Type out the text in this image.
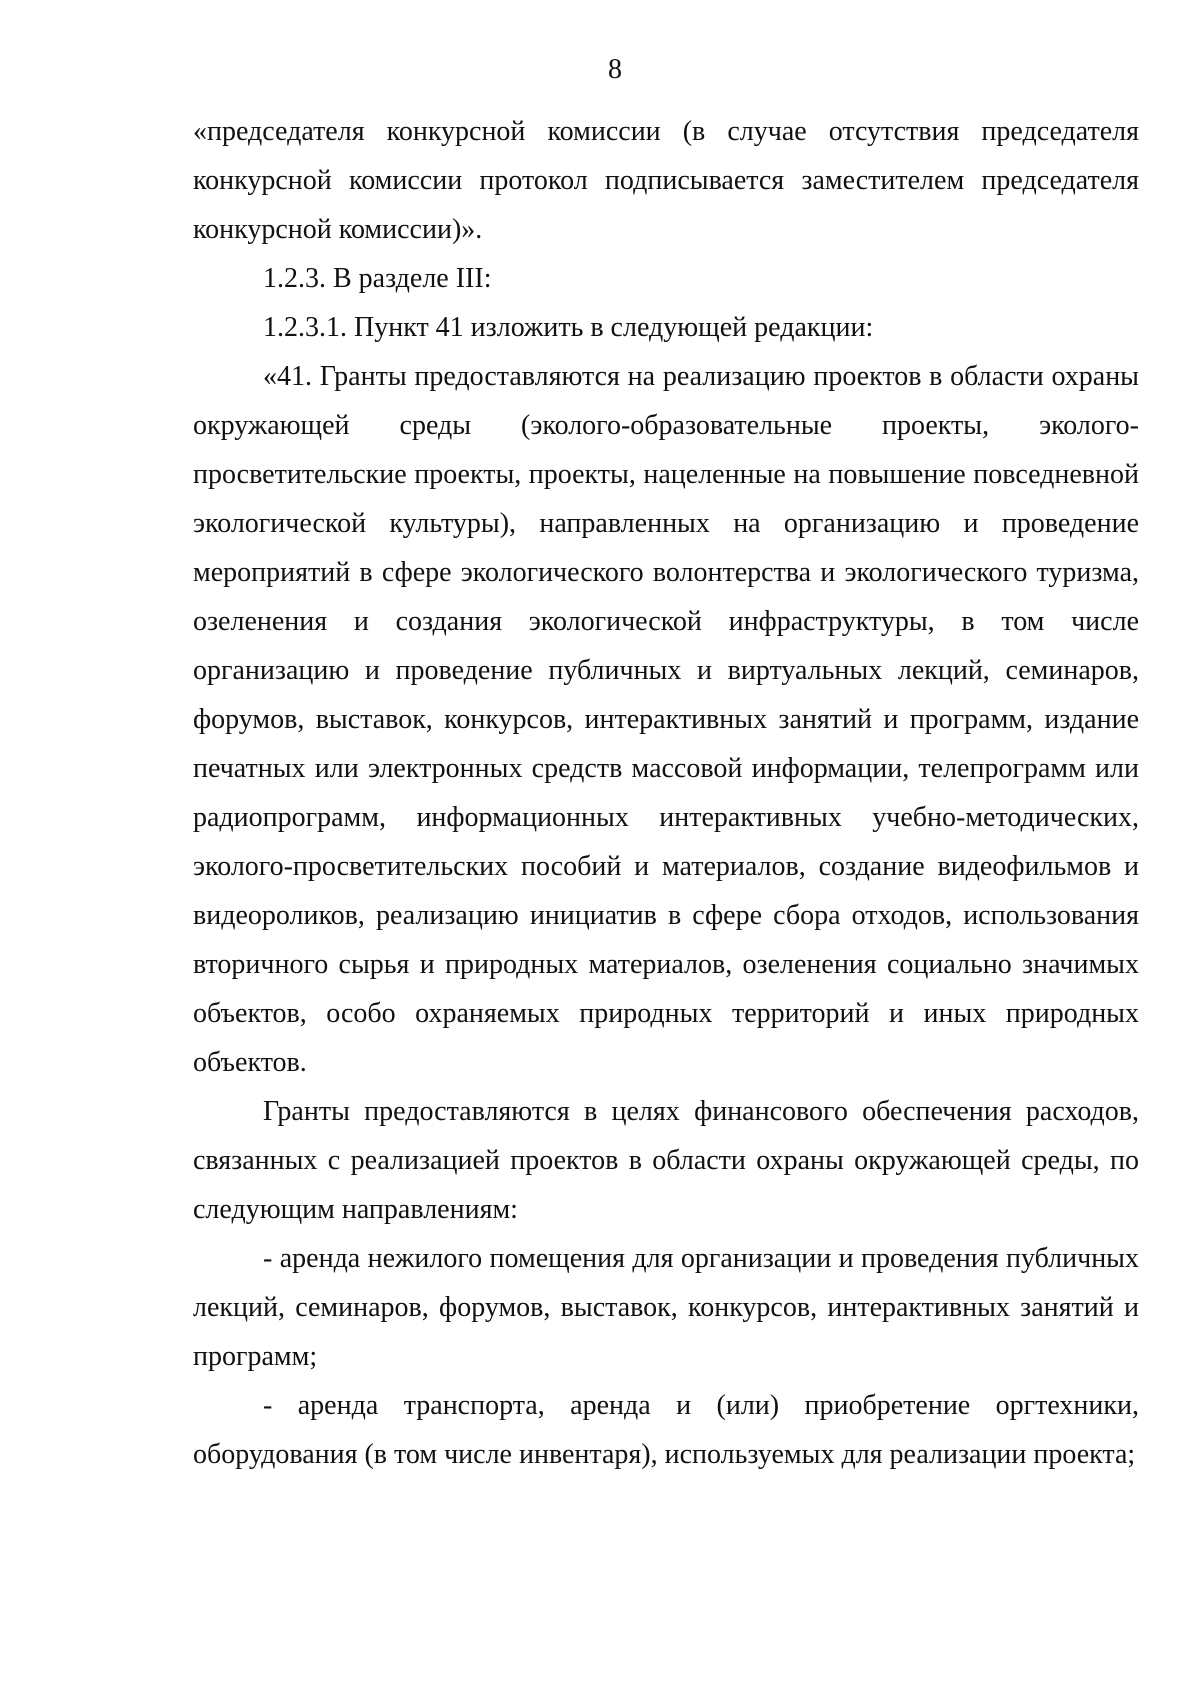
8

«председателя конкурсной комиссии (в случае отсутствия председателя конкурсной комиссии протокол подписывается заместителем председателя конкурсной комиссии)».

1.2.3. В разделе III:

1.2.3.1. Пункт 41 изложить в следующей редакции:

«41. Гранты предоставляются на реализацию проектов в области охраны окружающей среды (эколого-образовательные проекты, эколого-просветительские проекты, проекты, нацеленные на повышение повседневной экологической культуры), направленных на организацию и проведение мероприятий в сфере экологического волонтерства и экологического туризма, озеленения и создания экологической инфраструктуры, в том числе организацию и проведение публичных и виртуальных лекций, семинаров, форумов, выставок, конкурсов, интерактивных занятий и программ, издание печатных или электронных средств массовой информации, телепрограмм или радиопрограмм, информационных интерактивных учебно-методических, эколого-просветительских пособий и материалов, создание видеофильмов и видеороликов, реализацию инициатив в сфере сбора отходов, использования вторичного сырья и природных материалов, озеленения социально значимых объектов, особо охраняемых природных территорий и иных природных объектов.

Гранты предоставляются в целях финансового обеспечения расходов, связанных с реализацией проектов в области охраны окружающей среды, по следующим направлениям:

- аренда нежилого помещения для организации и проведения публичных лекций, семинаров, форумов, выставок, конкурсов, интерактивных занятий и программ;

- аренда транспорта, аренда и (или) приобретение оргтехники, оборудования (в том числе инвентаря), используемых для реализации проекта;
